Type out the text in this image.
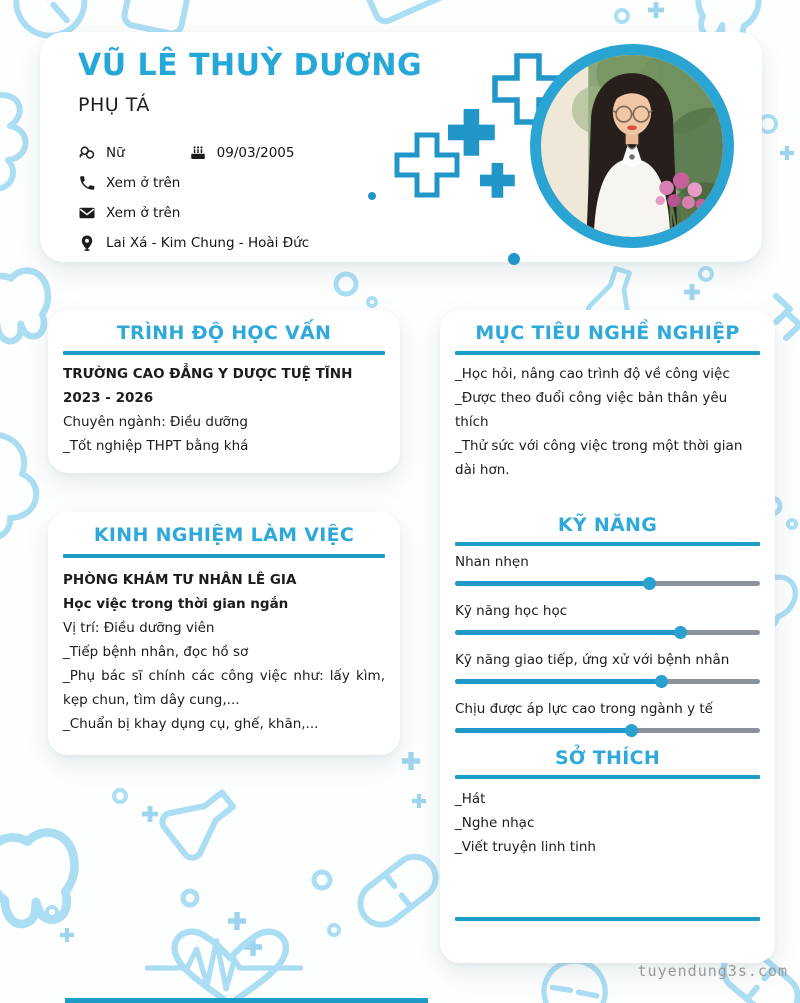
VŨ LÊ THUỲ DƯƠNG
PHỤ TÁ
Nữ	09/03/2005
Xem ở trên
Xem ở trên
Lai Xá - Kim Chung - Hoài Đức
TRÌNH ĐỘ HỌC VẤN
TRƯỜNG CAO ĐẲNG Y DƯỢC TUỆ TĨNH
2023 - 2026
Chuyên ngành: Điều dưỡng
_Tốt nghiệp THPT bằng khá
KINH NGHIỆM LÀM VIỆC
PHÒNG KHÁM TƯ NHÂN LÊ GIA
Học việc trong thời gian ngắn
Vị trí: Điều dưỡng viên
_Tiếp bệnh nhân, đọc hồ sơ
_Phụ bác sĩ chính các công việc như: lấy kìm, kẹp chun, tìm dây cung,...
_Chuẩn bị khay dụng cụ, ghế, khăn,...
MỤC TIÊU NGHỀ NGHIỆP
_Học hỏi, nâng cao trình độ về công việc
_Được theo đuổi công việc bản thân yêu thích
_Thử sức với công việc trong một thời gian dài hơn.
KỸ NĂNG
Nhan nhẹn
Kỹ năng học học
Kỹ năng giao tiếp, ứng xử với bệnh nhân
Chịu được áp lực cao trong ngành y tế
SỞ THÍCH
_Hát
_Nghe nhạc
_Viết truyện linh tinh
tuyendung3s.com
